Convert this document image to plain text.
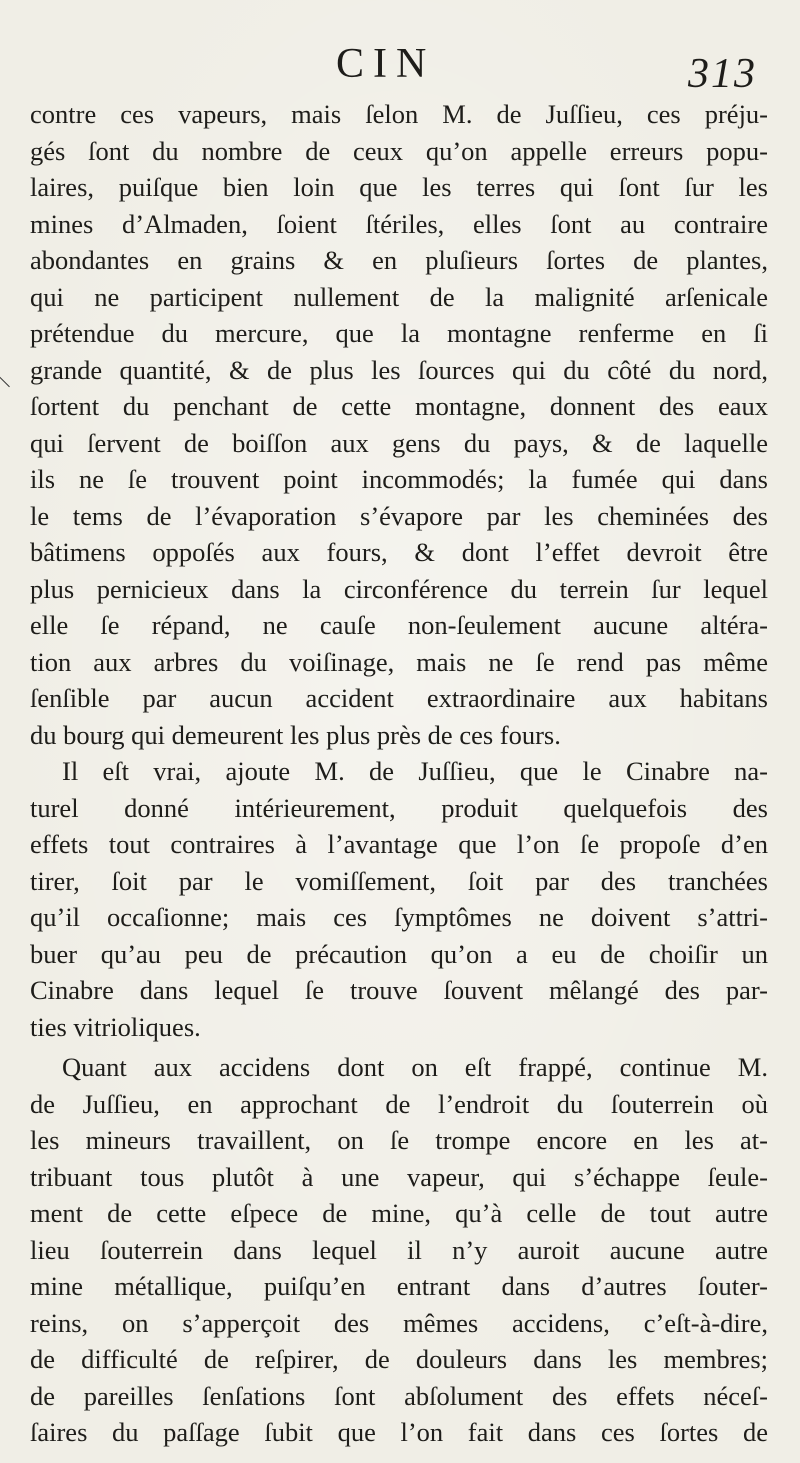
CIN	313
contre ces vapeurs, mais ſelon M. de Juſſieu, ces préju-
gés ſont du nombre de ceux qu’on appelle erreurs popu-
laires, puiſque bien loin que les terres qui ſont ſur les
mines d’Almaden, ſoient ſtériles, elles ſont au contraire
abondantes en grains & en pluſieurs ſortes de plantes,
qui ne participent nullement de la malignité arſenicale
prétendue du mercure, que la montagne renferme en ſi
grande quantité, & de plus les ſources qui du côté du nord,
ſortent du penchant de cette montagne, donnent des eaux
qui ſervent de boiſſon aux gens du pays, & de laquelle
ils ne ſe trouvent point incommodés; la fumée qui dans
le tems de l’évaporation s’évapore par les cheminées des
bâtimens oppoſés aux fours, & dont l’effet devroit être
plus pernicieux dans la circonférence du terrein ſur lequel
elle ſe répand, ne cauſe non-ſeulement aucune altéra-
tion aux arbres du voiſinage, mais ne ſe rend pas même
ſenſible par aucun accident extraordinaire aux habitans
du bourg qui demeurent les plus près de ces fours.
Il eſt vrai, ajoute M. de Juſſieu, que le Cinabre na-
turel donné intérieurement, produit quelquefois des
effets tout contraires à l’avantage que l’on ſe propoſe d’en
tirer, ſoit par le vomiſſement, ſoit par des tranchées
qu’il occaſionne; mais ces ſymptômes ne doivent s’attri-
buer qu’au peu de précaution qu’on a eu de choiſir un
Cinabre dans lequel ſe trouve ſouvent mêlangé des par-
ties vitrioliques.
Quant aux accidens dont on eſt frappé, continue M.
de Juſſieu, en approchant de l’endroit du ſouterrein où
les mineurs travaillent, on ſe trompe encore en les at-
tribuant tous plutôt à une vapeur, qui s’échappe ſeule-
ment de cette eſpece de mine, qu’à celle de tout autre
lieu ſouterrein dans lequel il n’y auroit aucune autre
mine métallique, puiſqu’en entrant dans d’autres ſouter-
reins, on s’apperçoit des mêmes accidens, c’eſt-à-dire,
de difficulté de reſpirer, de douleurs dans les membres;
de pareilles ſenſations ſont abſolument des effets néceſ-
ſaires du paſſage ſubit que l’on fait dans ces ſortes de
